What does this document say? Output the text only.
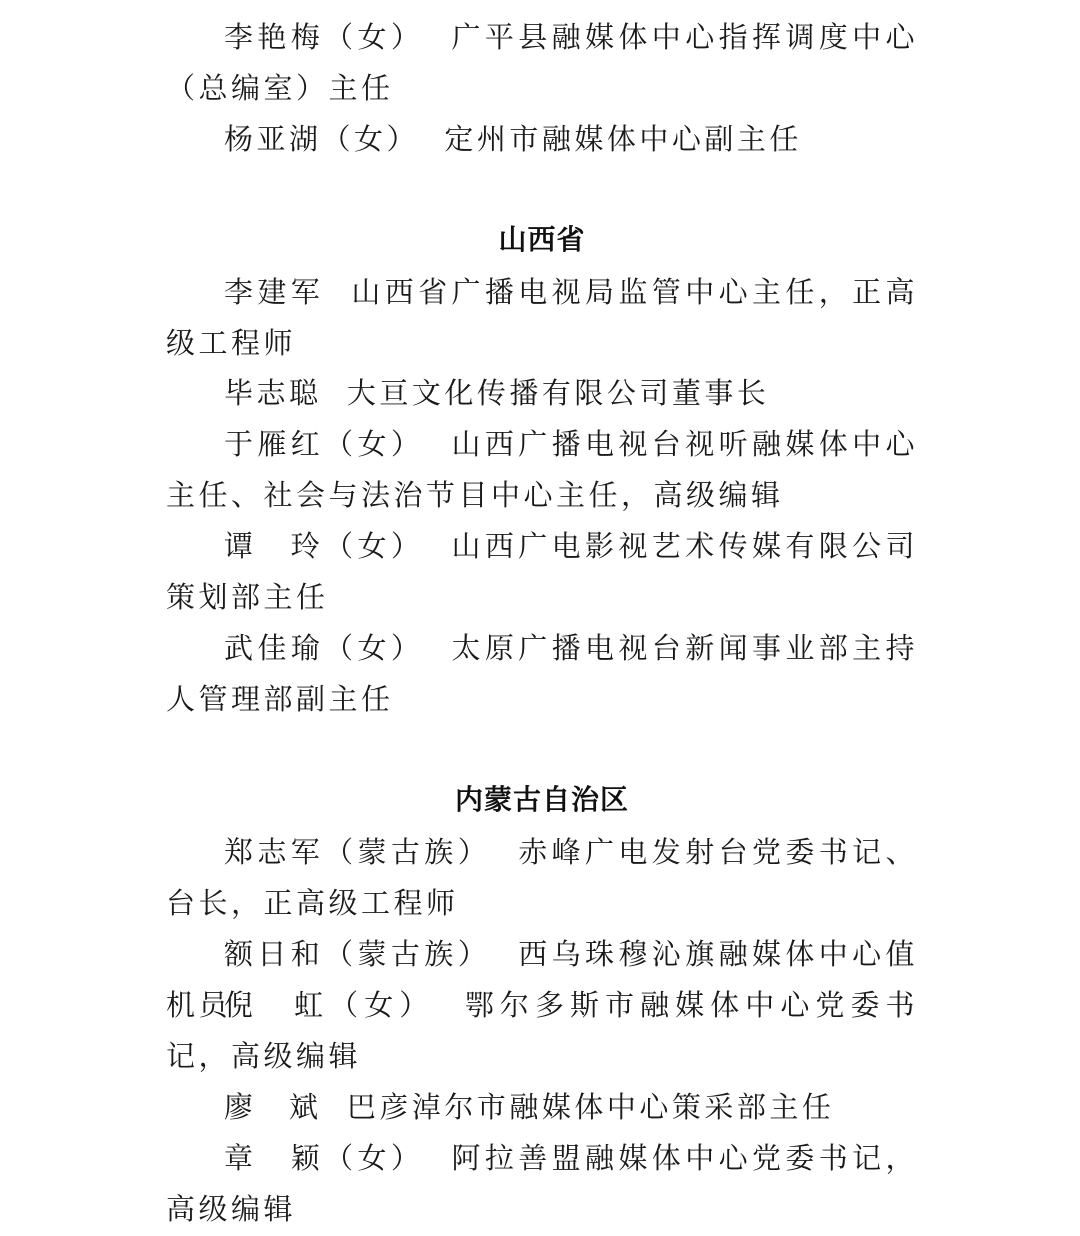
李艳梅（女）  广平县融媒体中心指挥调度中心（总编室）主任

杨亚湖（女）  定州市融媒体中心副主任

山西省

李建军  山西省广播电视局监管中心主任，正高级工程师

毕志聪  大亘文化传播有限公司董事长

于雁红（女）  山西广播电视台视听融媒体中心主任、社会与法治节目中心主任，高级编辑

谭　玲（女）  山西广电影视艺术传媒有限公司策划部主任

武佳瑜（女）  太原广播电视台新闻事业部主持人管理部副主任

内蒙古自治区

郑志军（蒙古族）  赤峰广电发射台党委书记、台长，正高级工程师

额日和（蒙古族）  西乌珠穆沁旗融媒体中心值机员

倪　虹（女）  鄂尔多斯市融媒体中心党委书记，高级编辑

廖　斌  巴彦淖尔市融媒体中心策采部主任

章　颖（女）  阿拉善盟融媒体中心党委书记，高级编辑
